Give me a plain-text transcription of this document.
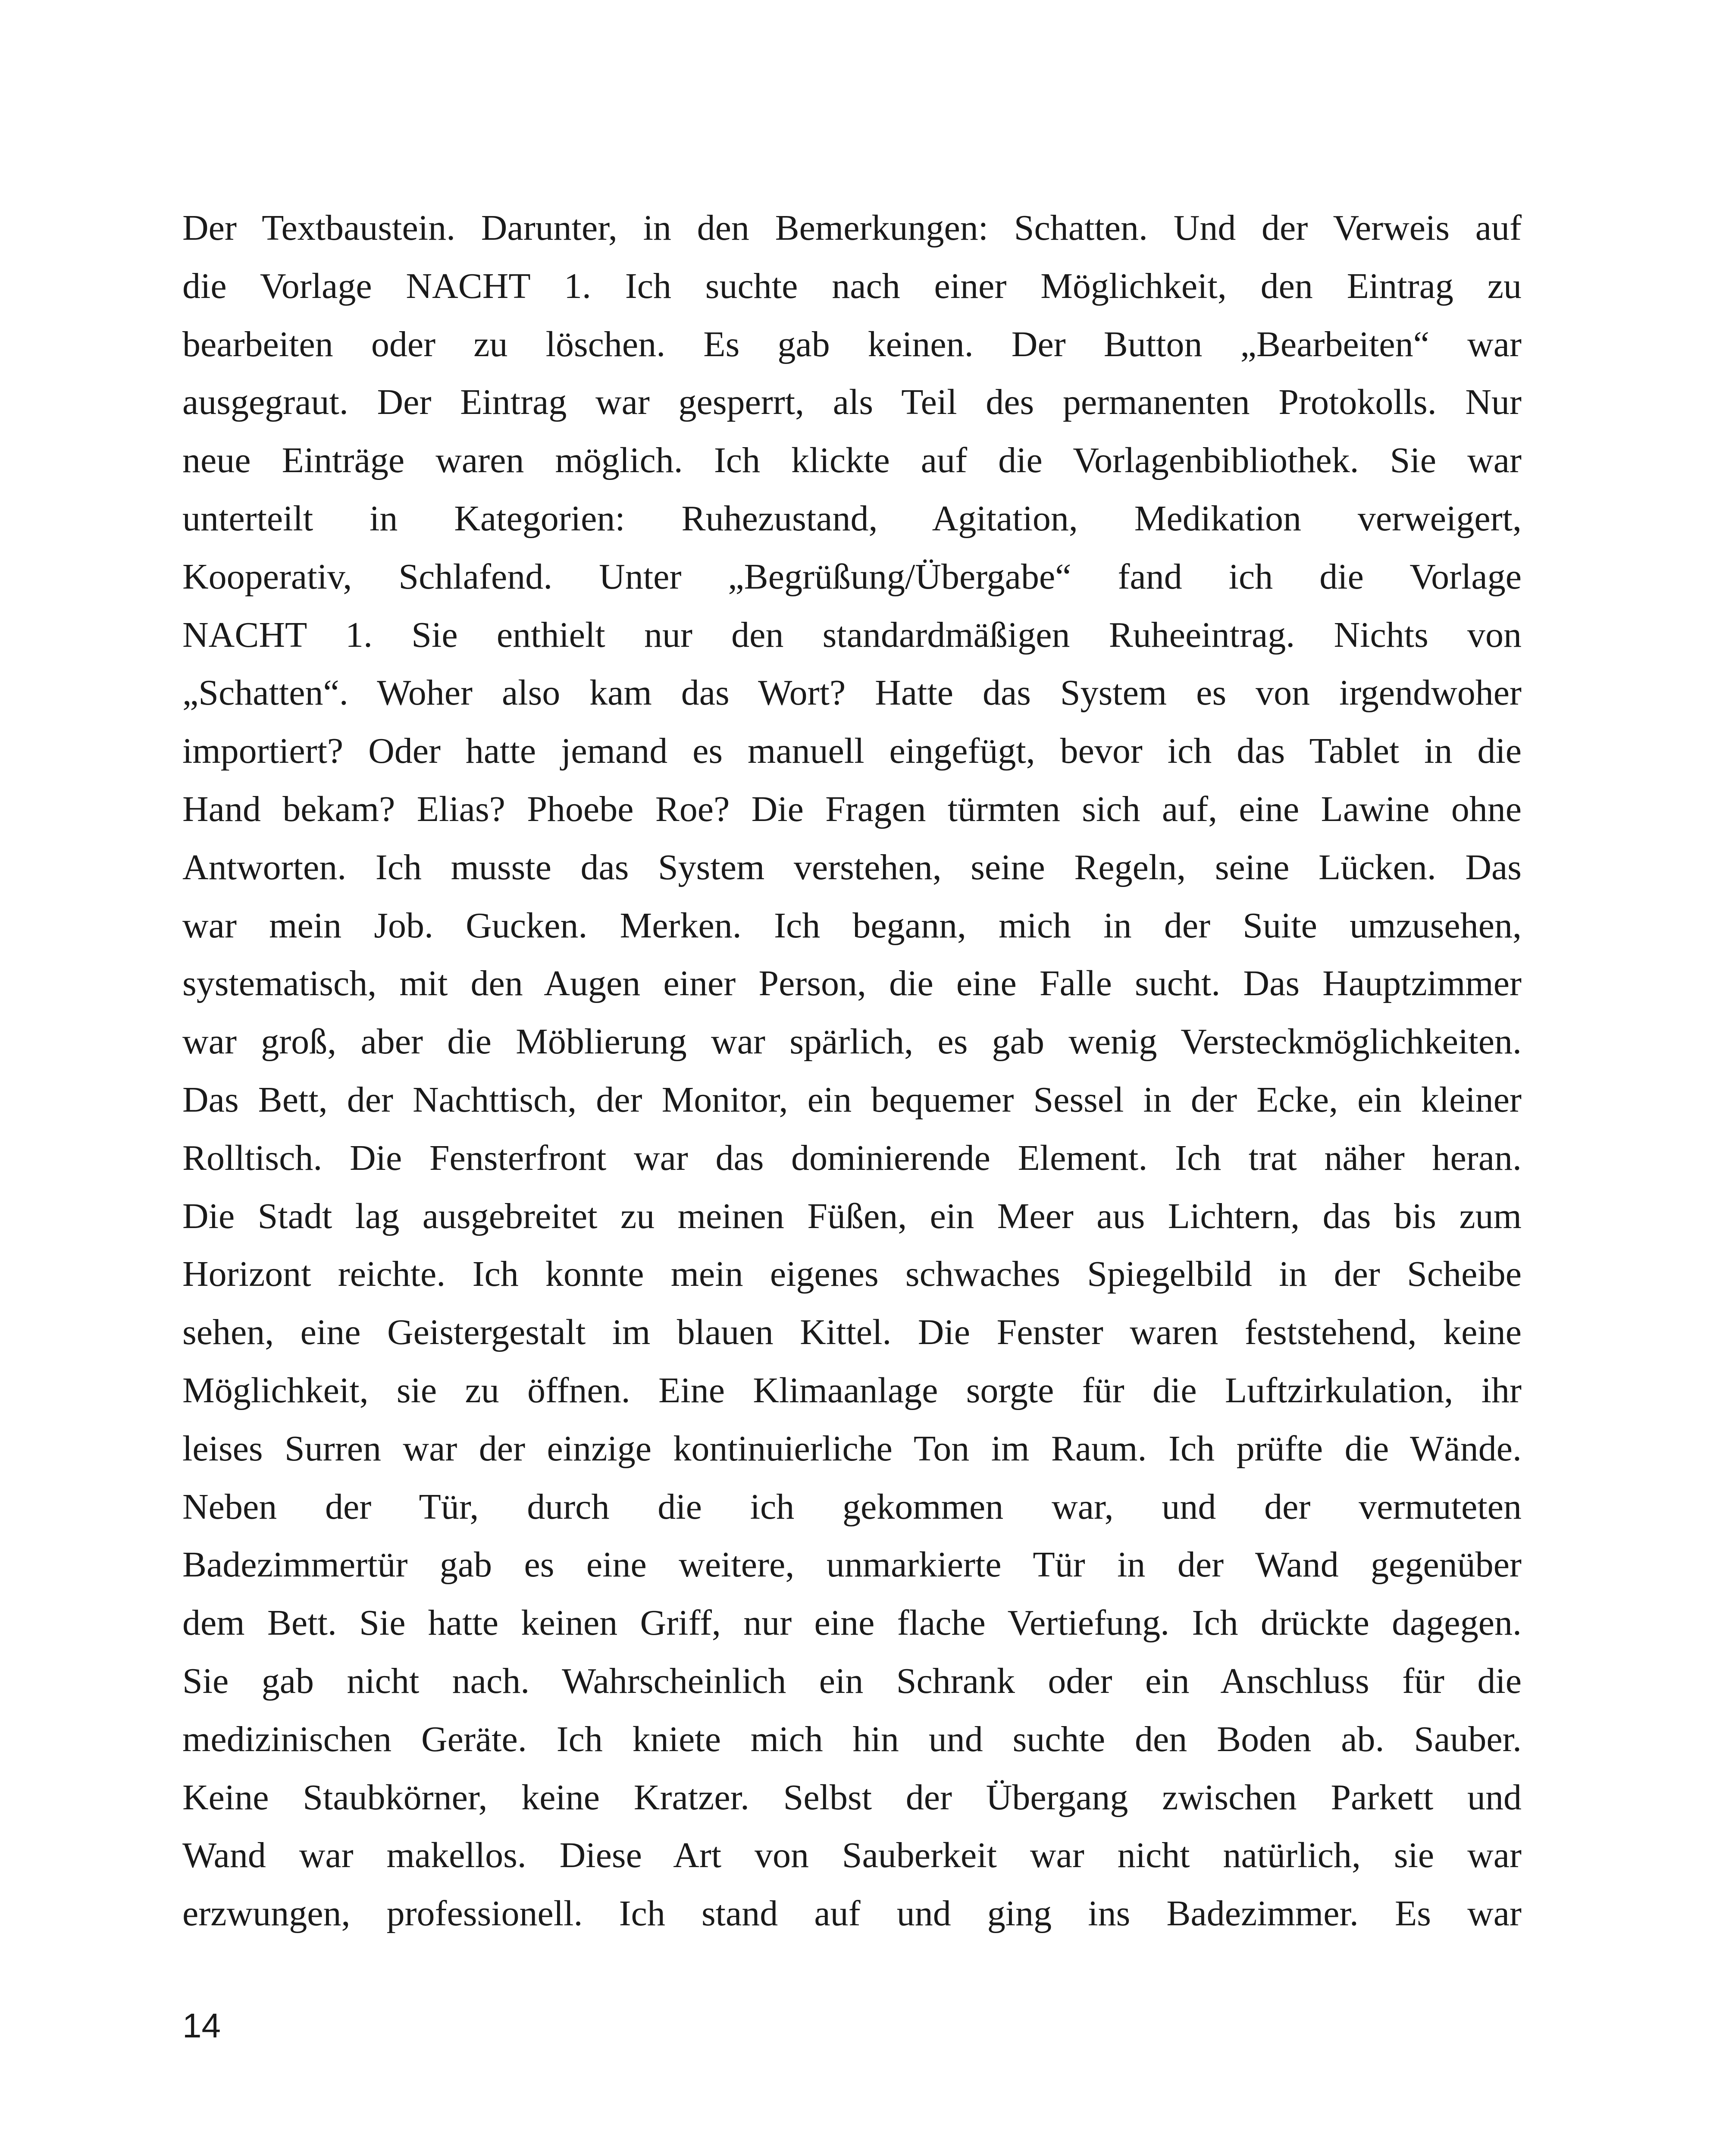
Der Textbaustein. Darunter, in den Bemerkungen: Schatten. Und der Verweis auf
die Vorlage NACHT 1. Ich suchte nach einer Möglichkeit, den Eintrag zu
bearbeiten oder zu löschen. Es gab keinen. Der Button „Bearbeiten“ war
ausgegraut. Der Eintrag war gesperrt, als Teil des permanenten Protokolls. Nur
neue Einträge waren möglich. Ich klickte auf die Vorlagenbibliothek. Sie war
unterteilt in Kategorien: Ruhezustand, Agitation, Medikation verweigert,
Kooperativ, Schlafend. Unter „Begrüßung/Übergabe“ fand ich die Vorlage
NACHT 1. Sie enthielt nur den standardmäßigen Ruheeintrag. Nichts von
„Schatten“. Woher also kam das Wort? Hatte das System es von irgendwoher
importiert? Oder hatte jemand es manuell eingefügt, bevor ich das Tablet in die
Hand bekam? Elias? Phoebe Roe? Die Fragen türmten sich auf, eine Lawine ohne
Antworten. Ich musste das System verstehen, seine Regeln, seine Lücken. Das
war mein Job. Gucken. Merken. Ich begann, mich in der Suite umzusehen,
systematisch, mit den Augen einer Person, die eine Falle sucht. Das Hauptzimmer
war groß, aber die Möblierung war spärlich, es gab wenig Versteckmöglichkeiten.
Das Bett, der Nachttisch, der Monitor, ein bequemer Sessel in der Ecke, ein kleiner
Rolltisch. Die Fensterfront war das dominierende Element. Ich trat näher heran.
Die Stadt lag ausgebreitet zu meinen Füßen, ein Meer aus Lichtern, das bis zum
Horizont reichte. Ich konnte mein eigenes schwaches Spiegelbild in der Scheibe
sehen, eine Geistergestalt im blauen Kittel. Die Fenster waren feststehend, keine
Möglichkeit, sie zu öffnen. Eine Klimaanlage sorgte für die Luftzirkulation, ihr
leises Surren war der einzige kontinuierliche Ton im Raum. Ich prüfte die Wände.
Neben der Tür, durch die ich gekommen war, und der vermuteten
Badezimmertür gab es eine weitere, unmarkierte Tür in der Wand gegenüber
dem Bett. Sie hatte keinen Griff, nur eine flache Vertiefung. Ich drückte dagegen.
Sie gab nicht nach. Wahrscheinlich ein Schrank oder ein Anschluss für die
medizinischen Geräte. Ich kniete mich hin und suchte den Boden ab. Sauber.
Keine Staubkörner, keine Kratzer. Selbst der Übergang zwischen Parkett und
Wand war makellos. Diese Art von Sauberkeit war nicht natürlich, sie war
erzwungen, professionell. Ich stand auf und ging ins Badezimmer. Es war
14
